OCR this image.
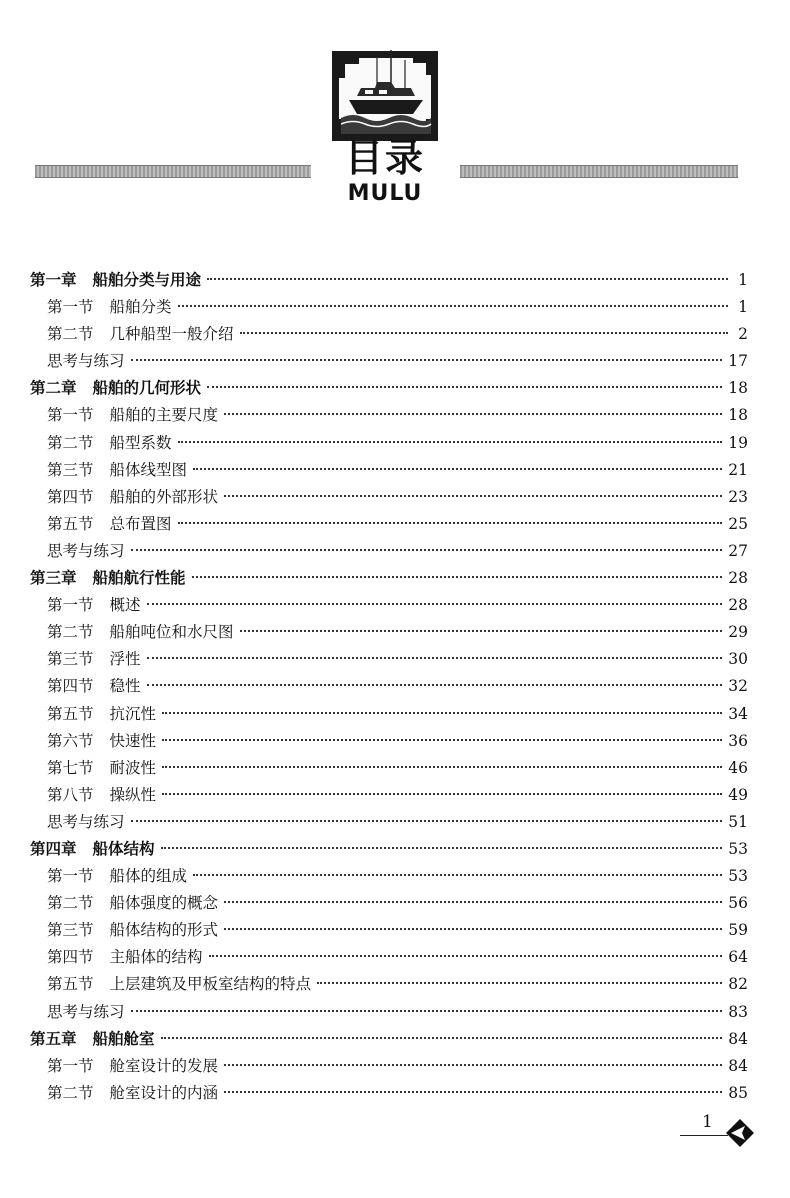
目录
MULU
第一章 船舶分类与用途	1
第一节 船舶分类	1
第二节 几种船型一般介绍	2
思考与练习	17
第二章 船舶的几何形状	18
第一节 船舶的主要尺度	18
第二节 船型系数	19
第三节 船体线型图	21
第四节 船舶的外部形状	23
第五节 总布置图	25
思考与练习	27
第三章 船舶航行性能	28
第一节 概述	28
第二节 船舶吨位和水尺图	29
第三节 浮性	30
第四节 稳性	32
第五节 抗沉性	34
第六节 快速性	36
第七节 耐波性	46
第八节 操纵性	49
思考与练习	51
第四章 船体结构	53
第一节 船体的组成	53
第二节 船体强度的概念	56
第三节 船体结构的形式	59
第四节 主船体的结构	64
第五节 上层建筑及甲板室结构的特点	82
思考与练习	83
第五章 船舶舱室	84
第一节 舱室设计的发展	84
第二节 舱室设计的内涵	85
1
